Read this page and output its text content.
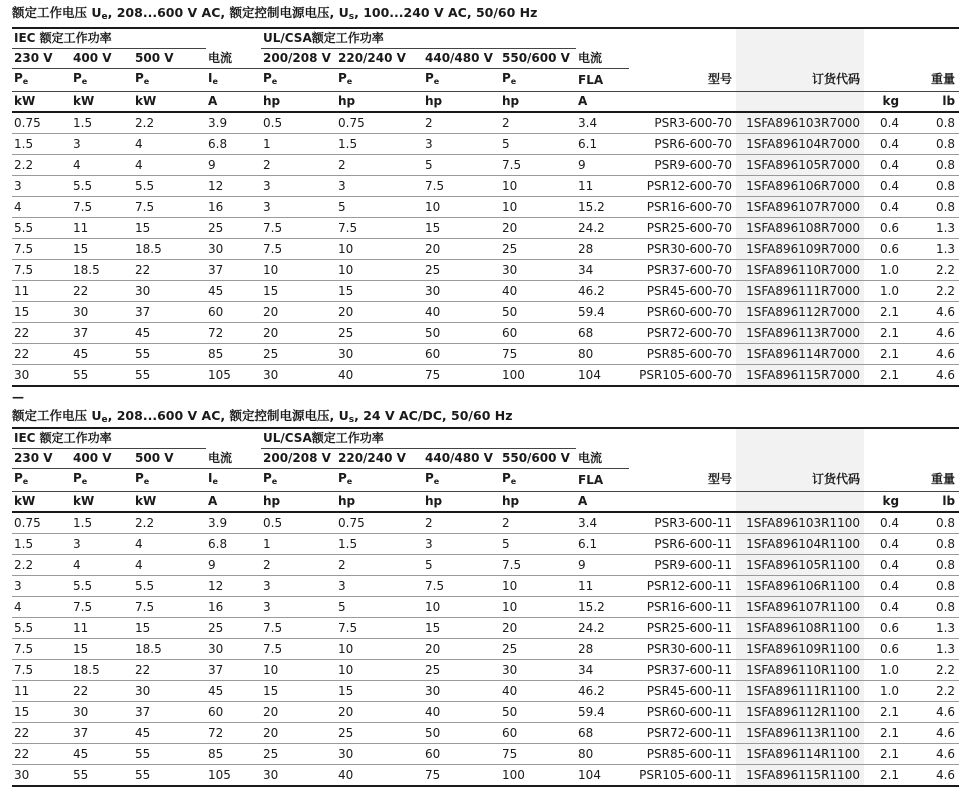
额定工作电压 $U_e$, 208...600 V AC, 额定控制电源电压, $U_s$, 100...240 V AC, 50/60 Hz
IEC 额定工作功率				UL/CSA额定工作功率								
230 V	400 V	500 V	电流	200/208 V	220/240 V	440/480 V	550/600 V	电流				
$P_e$	$P_e$	$P_e$	$I_e$	$P_e$	$P_e$	$P_e$	$P_e$	FLA	型号	订货代码		重量
kW	kW	kW	A	hp	hp	hp	hp	A			kg	lb
0.75	1.5	2.2	3.9	0.5	0.75	2	2	3.4	PSR3-600-70	1SFA896103R7000	0.4	0.8
1.5	3	4	6.8	1	1.5	3	5	6.1	PSR6-600-70	1SFA896104R7000	0.4	0.8
2.2	4	4	9	2	2	5	7.5	9	PSR9-600-70	1SFA896105R7000	0.4	0.8
3	5.5	5.5	12	3	3	7.5	10	11	PSR12-600-70	1SFA896106R7000	0.4	0.8
4	7.5	7.5	16	3	5	10	10	15.2	PSR16-600-70	1SFA896107R7000	0.4	0.8
5.5	11	15	25	7.5	7.5	15	20	24.2	PSR25-600-70	1SFA896108R7000	0.6	1.3
7.5	15	18.5	30	7.5	10	20	25	28	PSR30-600-70	1SFA896109R7000	0.6	1.3
7.5	18.5	22	37	10	10	25	30	34	PSR37-600-70	1SFA896110R7000	1.0	2.2
11	22	30	45	15	15	30	40	46.2	PSR45-600-70	1SFA896111R7000	1.0	2.2
15	30	37	60	20	20	40	50	59.4	PSR60-600-70	1SFA896112R7000	2.1	4.6
22	37	45	72	20	25	50	60	68	PSR72-600-70	1SFA896113R7000	2.1	4.6
22	45	55	85	25	30	60	75	80	PSR85-600-70	1SFA896114R7000	2.1	4.6
30	55	55	105	30	40	75	100	104	PSR105-600-70	1SFA896115R7000	2.1	4.6
—
额定工作电压 $U_e$, 208...600 V AC, 额定控制电源电压, $U_s$, 24 V AC/DC, 50/60 Hz
IEC 额定工作功率				UL/CSA额定工作功率								
230 V	400 V	500 V	电流	200/208 V	220/240 V	440/480 V	550/600 V	电流				
$P_e$	$P_e$	$P_e$	$I_e$	$P_e$	$P_e$	$P_e$	$P_e$	FLA	型号	订货代码		重量
kW	kW	kW	A	hp	hp	hp	hp	A			kg	lb
0.75	1.5	2.2	3.9	0.5	0.75	2	2	3.4	PSR3-600-11	1SFA896103R1100	0.4	0.8
1.5	3	4	6.8	1	1.5	3	5	6.1	PSR6-600-11	1SFA896104R1100	0.4	0.8
2.2	4	4	9	2	2	5	7.5	9	PSR9-600-11	1SFA896105R1100	0.4	0.8
3	5.5	5.5	12	3	3	7.5	10	11	PSR12-600-11	1SFA896106R1100	0.4	0.8
4	7.5	7.5	16	3	5	10	10	15.2	PSR16-600-11	1SFA896107R1100	0.4	0.8
5.5	11	15	25	7.5	7.5	15	20	24.2	PSR25-600-11	1SFA896108R1100	0.6	1.3
7.5	15	18.5	30	7.5	10	20	25	28	PSR30-600-11	1SFA896109R1100	0.6	1.3
7.5	18.5	22	37	10	10	25	30	34	PSR37-600-11	1SFA896110R1100	1.0	2.2
11	22	30	45	15	15	30	40	46.2	PSR45-600-11	1SFA896111R1100	1.0	2.2
15	30	37	60	20	20	40	50	59.4	PSR60-600-11	1SFA896112R1100	2.1	4.6
22	37	45	72	20	25	50	60	68	PSR72-600-11	1SFA896113R1100	2.1	4.6
22	45	55	85	25	30	60	75	80	PSR85-600-11	1SFA896114R1100	2.1	4.6
30	55	55	105	30	40	75	100	104	PSR105-600-11	1SFA896115R1100	2.1	4.6
